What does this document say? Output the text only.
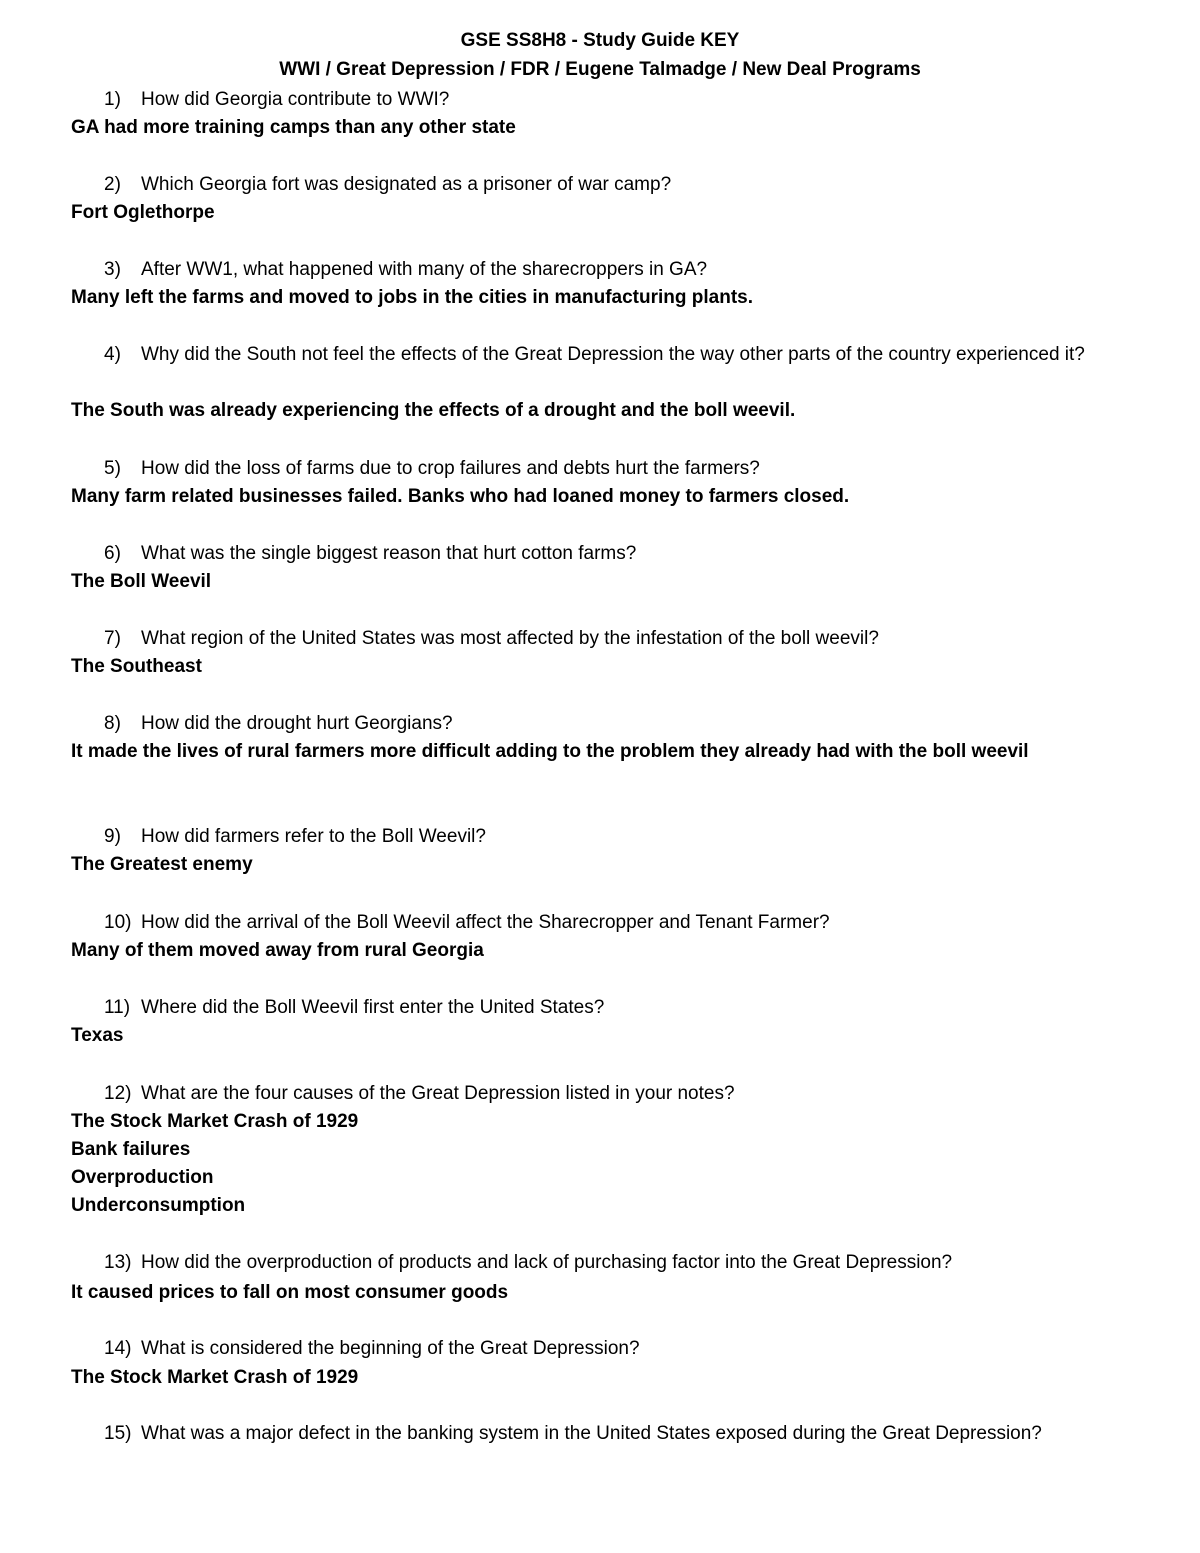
GSE SS8H8 - Study Guide KEY
WWI / Great Depression / FDR / Eugene Talmadge / New Deal Programs
1) How did Georgia contribute to WWI?
GA had more training camps than any other state
2) Which Georgia fort was designated as a prisoner of war camp?
Fort Oglethorpe
3) After WW1, what happened with many of the sharecroppers in GA?
Many left the farms and moved to jobs in the cities in manufacturing plants.
4) Why did the South not feel the effects of the Great Depression the way other parts of the country experienced it?
The South was already experiencing the effects of a drought and the boll weevil.
5) How did the loss of farms due to crop failures and debts hurt the farmers?
Many farm related businesses failed. Banks who had loaned money to farmers closed.
6) What was the single biggest reason that hurt cotton farms?
The Boll Weevil
7) What region of the United States was most affected by the infestation of the boll weevil?
The Southeast
8) How did the drought hurt Georgians?
It made the lives of rural farmers more difficult adding to the problem they already had with the boll weevil
9) How did farmers refer to the Boll Weevil?
The Greatest enemy
10) How did the arrival of the Boll Weevil affect the Sharecropper and Tenant Farmer?
Many of them moved away from rural Georgia
11) Where did the Boll Weevil first enter the United States?
Texas
12) What are the four causes of the Great Depression listed in your notes?
The Stock Market Crash of 1929
Bank failures
Overproduction
Underconsumption
13) How did the overproduction of products and lack of purchasing factor into the Great Depression?
It caused prices to fall on most consumer goods
14) What is considered the beginning of the Great Depression?
The Stock Market Crash of 1929
15) What was a major defect in the banking system in the United States exposed during the Great Depression?
